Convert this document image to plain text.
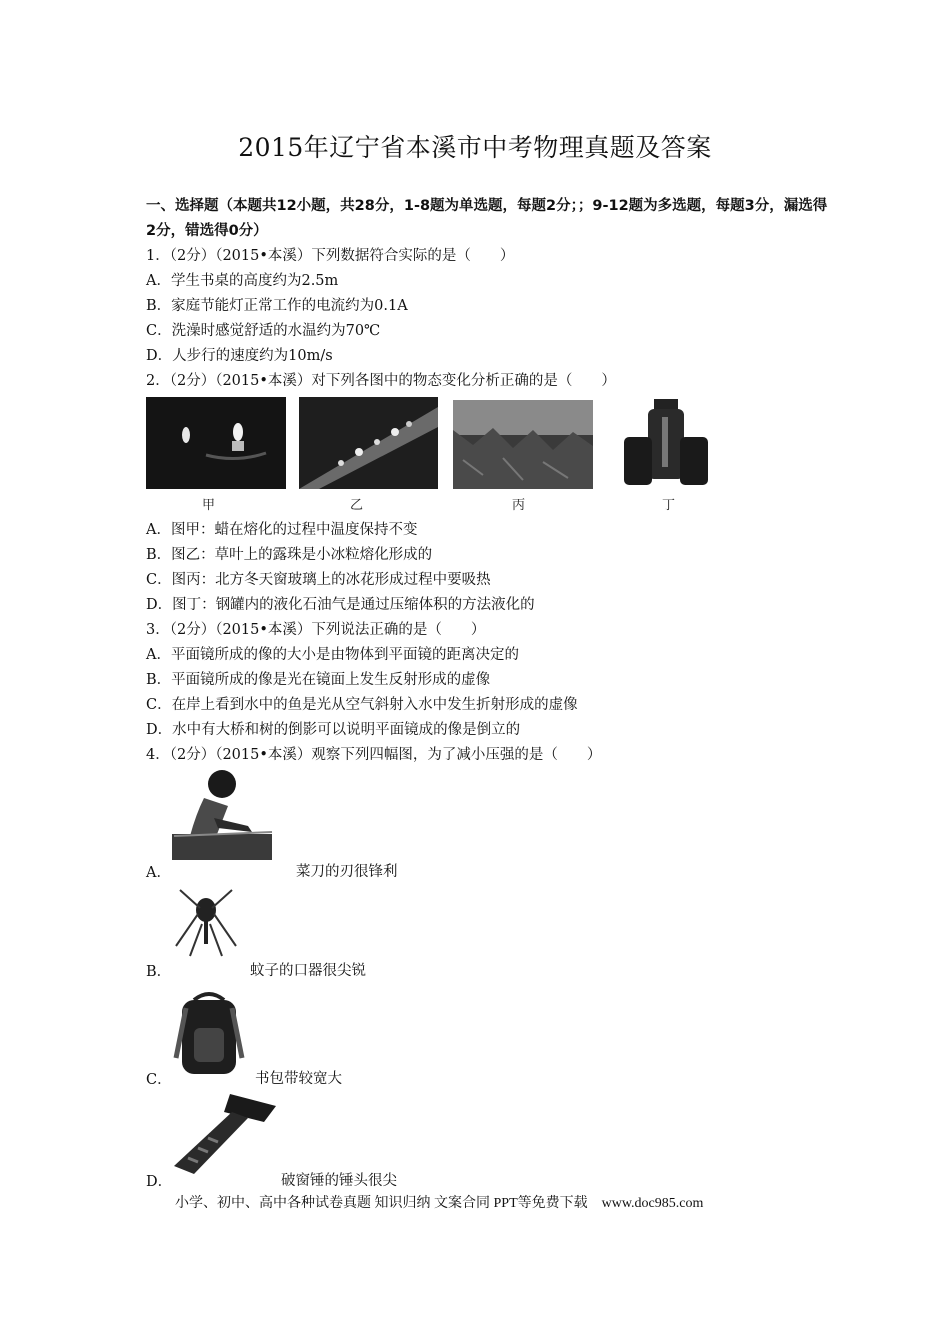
2015年辽宁省本溪市中考物理真题及答案
一、选择题（本题共12小题，共28分，1-8题为单选题，每题2分；；9-12题为多选题，每题3分，漏选得2分，错选得0分）
1．（2分）（2015•本溪）下列数据符合实际的是（　　）
A．学生书桌的高度约为2.5m
B．家庭节能灯正常工作的电流约为0.1A
C．洗澡时感觉舒适的水温约为70℃
D．人步行的速度约为10m/s
2．（2分）（2015•本溪）对下列各图中的物态变化分析正确的是（　　）
甲	乙	丙	丁
A．图甲：蜡在熔化的过程中温度保持不变
B．图乙：草叶上的露珠是小冰粒熔化形成的
C．图丙：北方冬天窗玻璃上的冰花形成过程中要吸热
D．图丁：钢罐内的液化石油气是通过压缩体积的方法液化的
3．（2分）（2015•本溪）下列说法正确的是（　　）
A．平面镜所成的像的大小是由物体到平面镜的距离决定的
B．平面镜所成的像是光在镜面上发生反射形成的虚像
C．在岸上看到水中的鱼是光从空气斜射入水中发生折射形成的虚像
D．水中有大桥和树的倒影可以说明平面镜成的像是倒立的
4．（2分）（2015•本溪）观察下列四幅图，为了减小压强的是（　　）
A．	菜刀的刃很锋利
B．	蚊子的口器很尖锐
C．	书包带较宽大
D．	破窗锤的锤头很尖
小学、初中、高中各种试卷真题 知识归纳 文案合同 PPT等免费下载　www.doc985.com
